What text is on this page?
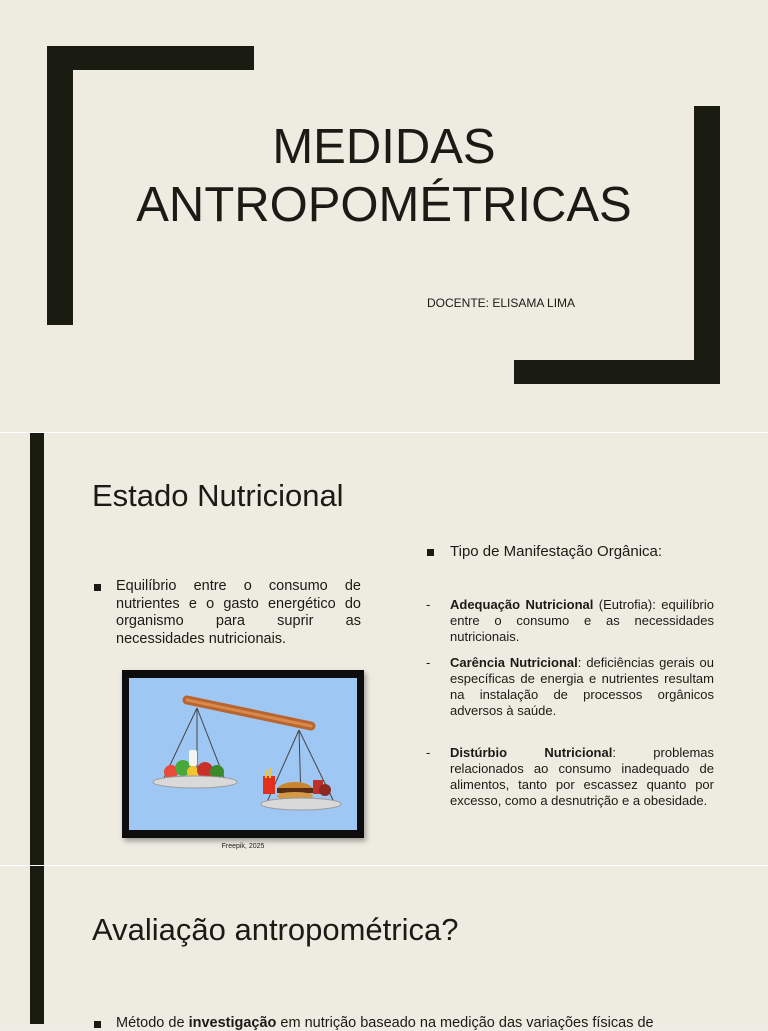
MEDIDAS
ANTROPOMÉTRICAS
DOCENTE: ELISAMA LIMA
Estado Nutricional
Equilíbrio entre o consumo de nutrientes e o gasto energético do organismo para suprir as necessidades nutricionais.
Freepik, 2025
Tipo de Manifestação Orgânica:
- Adequação Nutricional (Eutrofia): equilíbrio entre o consumo e as necessidades nutricionais.
- Carência Nutricional: deficiências gerais ou específicas de energia e nutrientes resultam na instalação de processos orgânicos adversos à saúde.
- Distúrbio Nutricional: problemas relacionados ao consumo inadequado de alimentos, tanto por escassez quanto por excesso, como a desnutrição e a obesidade.
Avaliação antropométrica?
Método de investigação em nutrição baseado na medição das variações físicas de
